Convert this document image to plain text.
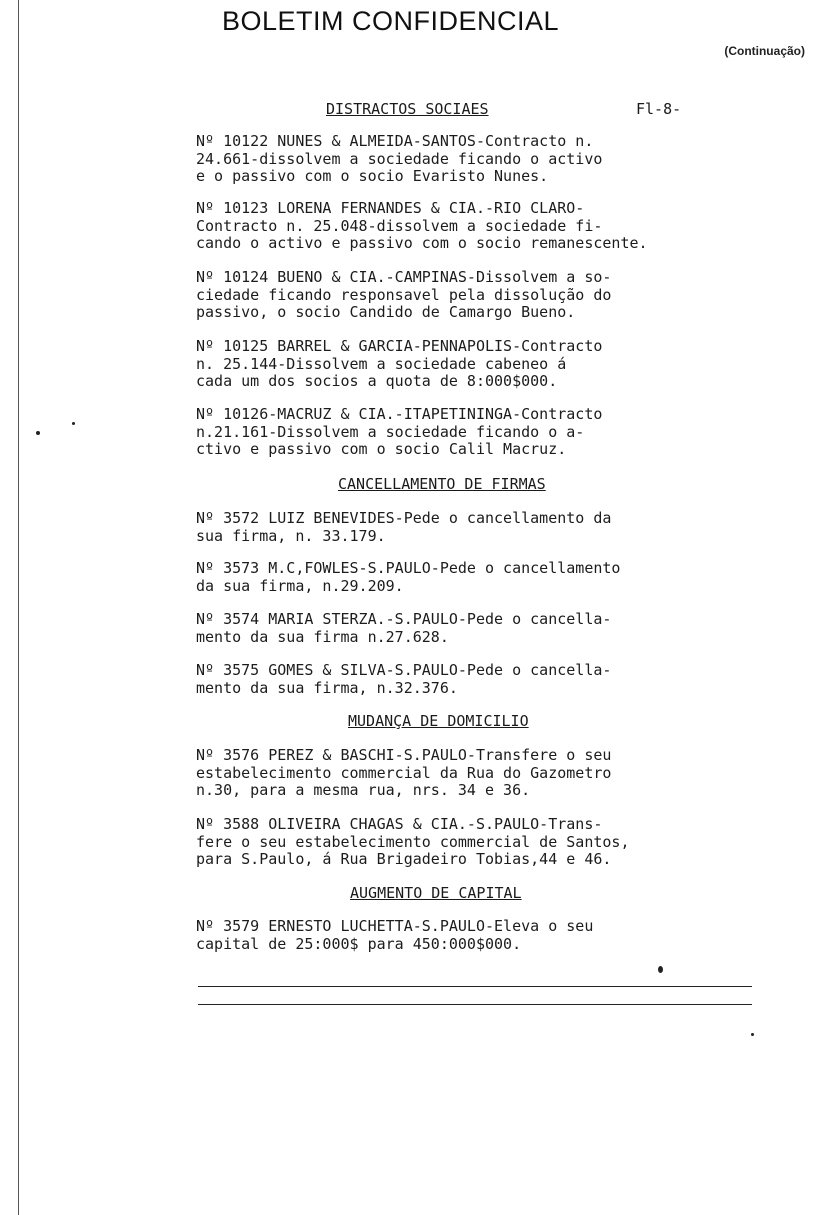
BOLETIM CONFIDENCIAL
(Continuação)
DISTRACTOS SOCIAES	Fl-8-
Nº 10122 NUNES & ALMEIDA-SANTOS-Contracto n.
24.661-dissolvem a sociedade ficando o activo
e o passivo com o socio Evaristo Nunes.
Nº 10123 LORENA FERNANDES & CIA.-RIO CLARO-
Contracto n. 25.048-dissolvem a sociedade fi-
cando o activo e passivo com o socio remanescente.
Nº 10124 BUENO & CIA.-CAMPINAS-Dissolvem a so-
ciedade ficando responsavel pela dissolução do
passivo, o socio Candido de Camargo Bueno.
Nº 10125 BARREL & GARCIA-PENNAPOLIS-Contracto
n. 25.144-Dissolvem a sociedade cabeneo á
cada um dos socios a quota de 8:000$000.
Nº 10126-MACRUZ & CIA.-ITAPETININGA-Contracto
n.21.161-Dissolvem a sociedade ficando o a-
ctivo e passivo com o socio Calil Macruz.
CANCELLAMENTO DE FIRMAS
Nº 3572 LUIZ BENEVIDES-Pede o cancellamento da
sua firma, n. 33.179.
Nº 3573 M.C,FOWLES-S.PAULO-Pede o cancellamento
da sua firma, n.29.209.
Nº 3574 MARIA STERZA.-S.PAULO-Pede o cancella-
mento da sua firma n.27.628.
Nº 3575 GOMES & SILVA-S.PAULO-Pede o cancella-
mento da sua firma, n.32.376.
MUDANÇA DE DOMICILIO
Nº 3576 PEREZ & BASCHI-S.PAULO-Transfere o seu
estabelecimento commercial da Rua do Gazometro
n.30, para a mesma rua, nrs. 34 e 36.
Nº 3588 OLIVEIRA CHAGAS & CIA.-S.PAULO-Trans-
fere o seu estabelecimento commercial de Santos,
para S.Paulo, á Rua Brigadeiro Tobias,44 e 46.
AUGMENTO DE CAPITAL
Nº 3579 ERNESTO LUCHETTA-S.PAULO-Eleva o seu
capital de 25:000$ para 450:000$000.
